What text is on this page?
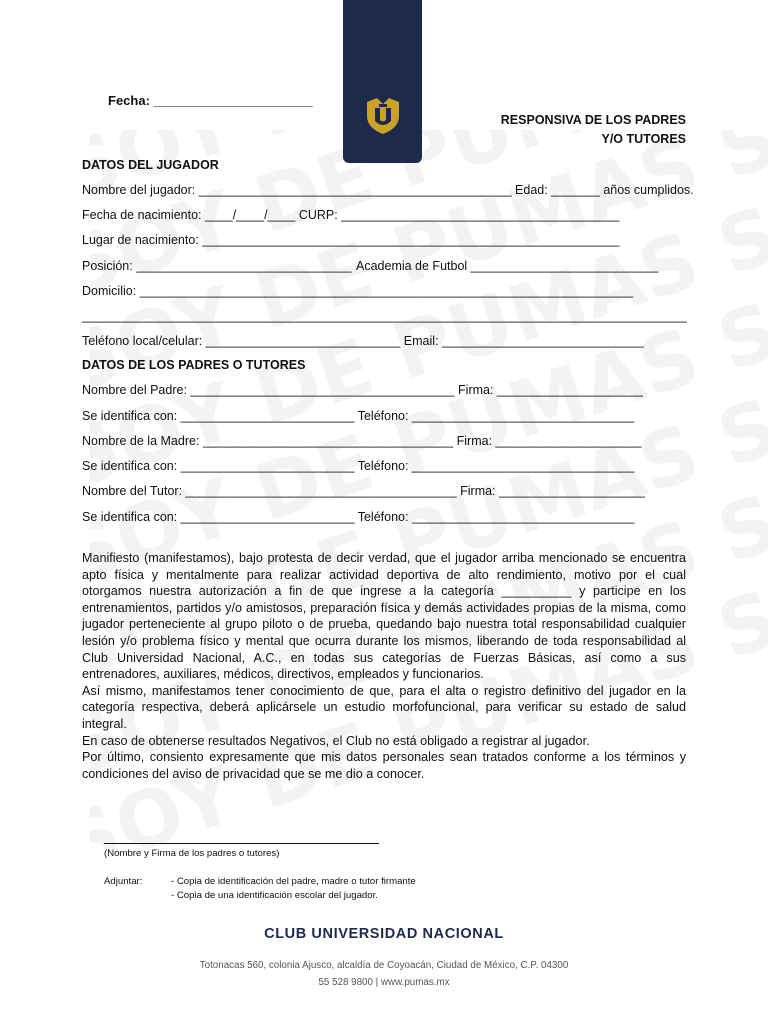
Fecha: ______________________
RESPONSIVA DE LOS PADRES
Y/O TUTORES
DATOS DEL JUGADOR
Nombre del jugador: _____________________________________________ Edad: _______ años cumplidos.
Fecha de nacimiento: ____/____/____ CURP: ________________________________________
Lugar de nacimiento: ____________________________________________________________
Posición: _______________________________ Academia de Futbol ___________________________
Domicilio: _______________________________________________________________________
_______________________________________________________________________________________
Teléfono local/celular: ____________________________ Email: _____________________________
DATOS DE LOS PADRES O TUTORES
Nombre del Padre: ______________________________________ Firma: _____________________
Se identifica con: _________________________ Teléfono: ________________________________
Nombre de la Madre: ____________________________________ Firma: _____________________
Se identifica con: _________________________ Teléfono: ________________________________
Nombre del Tutor: _______________________________________ Firma: _____________________
Se identifica con: _________________________ Teléfono: ________________________________

Manifiesto (manifestamos), bajo protesta de decir verdad, que el jugador arriba mencionado se encuentra apto física y mentalmente para realizar actividad deportiva de alto rendimiento, motivo por el cual otorgamos nuestra autorización a fin de que ingrese a la categoría __________ y participe en los entrenamientos, partidos y/o amistosos, preparación física y demás actividades propias de la misma, como jugador perteneciente al grupo piloto o de prueba, quedando bajo nuestra total responsabilidad cualquier lesión y/o problema físico y mental que ocurra durante los mismos, liberando de toda responsabilidad al Club Universidad Nacional, A.C., en todas sus categorías de Fuerzas Básicas, así como a sus entrenadores, auxiliares, médicos, directivos, empleados y funcionarios.

Así mismo, manifestamos tener conocimiento de que, para el alta o registro definitivo del jugador en la categoría respectiva, deberá aplicársele un estudio morfofuncional, para verificar su estado de salud integral.

En caso de obtenerse resultados Negativos, el Club no está obligado a registrar al jugador.

Por último, consiento expresamente que mis datos personales sean tratados conforme a los términos y condiciones del aviso de privacidad que se me dio a conocer.

(Nombre y Firma de los padres o tutores)
Adjuntar:	- Copia de identificación del padre, madre o tutor firmante
- Copia de una identificación escolar del jugador.
CLUB UNIVERSIDAD NACIONAL
Totonacas 560, colonia Ajusco, alcaldía de Coyoacán, Ciudad de México, C.P. 04300
55 528 9800 | www.pumas.mx
